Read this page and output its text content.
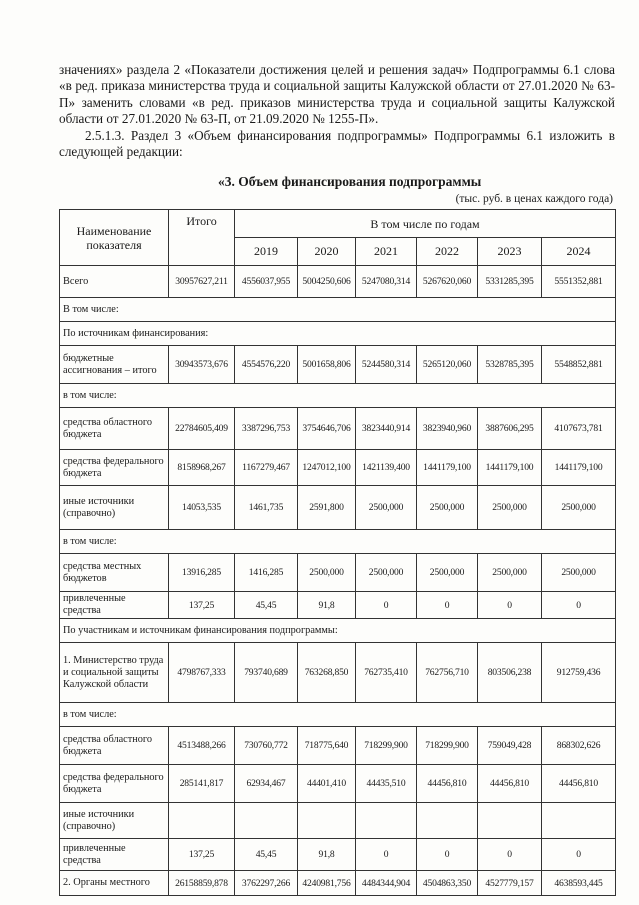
значениях» раздела 2 «Показатели достижения целей и решения задач» Подпрограммы 6.1 слова «в ред. приказа министерства труда и социальной защиты Калужской области от 27.01.2020 № 63-П» заменить словами «в ред. приказов министерства труда и социальной защиты Калужской области от 27.01.2020 № 63-П, от 21.09.2020 № 1255-П».
2.5.1.3. Раздел 3 «Объем финансирования подпрограммы» Подпрограммы 6.1 изложить в следующей редакции:
«3. Объем финансирования подпрограммы
(тыс. руб. в ценах каждого года)
Наименование показателя	Итого	В том числе по годам					
		2019	2020	2021	2022	2023	2024
Всего	30957627,211	4556037,955	5004250,606	5247080,314	5267620,060	5331285,395	5551352,881
В том числе:							
По источникам финансирования:							
бюджетные ассигнования – итого	30943573,676	4554576,220	5001658,806	5244580,314	5265120,060	5328785,395	5548852,881
в том числе:							
средства областного бюджета	22784605,409	3387296,753	3754646,706	3823440,914	3823940,960	3887606,295	4107673,781
средства федерального бюджета	8158968,267	1167279,467	1247012,100	1421139,400	1441179,100	1441179,100	1441179,100
иные источники (справочно)	14053,535	1461,735	2591,800	2500,000	2500,000	2500,000	2500,000
в том числе:							
средства местных бюджетов	13916,285	1416,285	2500,000	2500,000	2500,000	2500,000	2500,000
привлеченные средства	137,25	45,45	91,8	0	0	0	0
По участникам и источникам финансирования подпрограммы:							
1. Министерство труда и социальной защиты Калужской области	4798767,333	793740,689	763268,850	762735,410	762756,710	803506,238	912759,436
в том числе:							
средства областного бюджета	4513488,266	730760,772	718775,640	718299,900	718299,900	759049,428	868302,626
средства федерального бюджета	285141,817	62934,467	44401,410	44435,510	44456,810	44456,810	44456,810
иные источники (справочно)							
привлеченные средства	137,25	45,45	91,8	0	0	0	0
2. Органы местного	26158859,878	3762297,266	4240981,756	4484344,904	4504863,350	4527779,157	4638593,445
